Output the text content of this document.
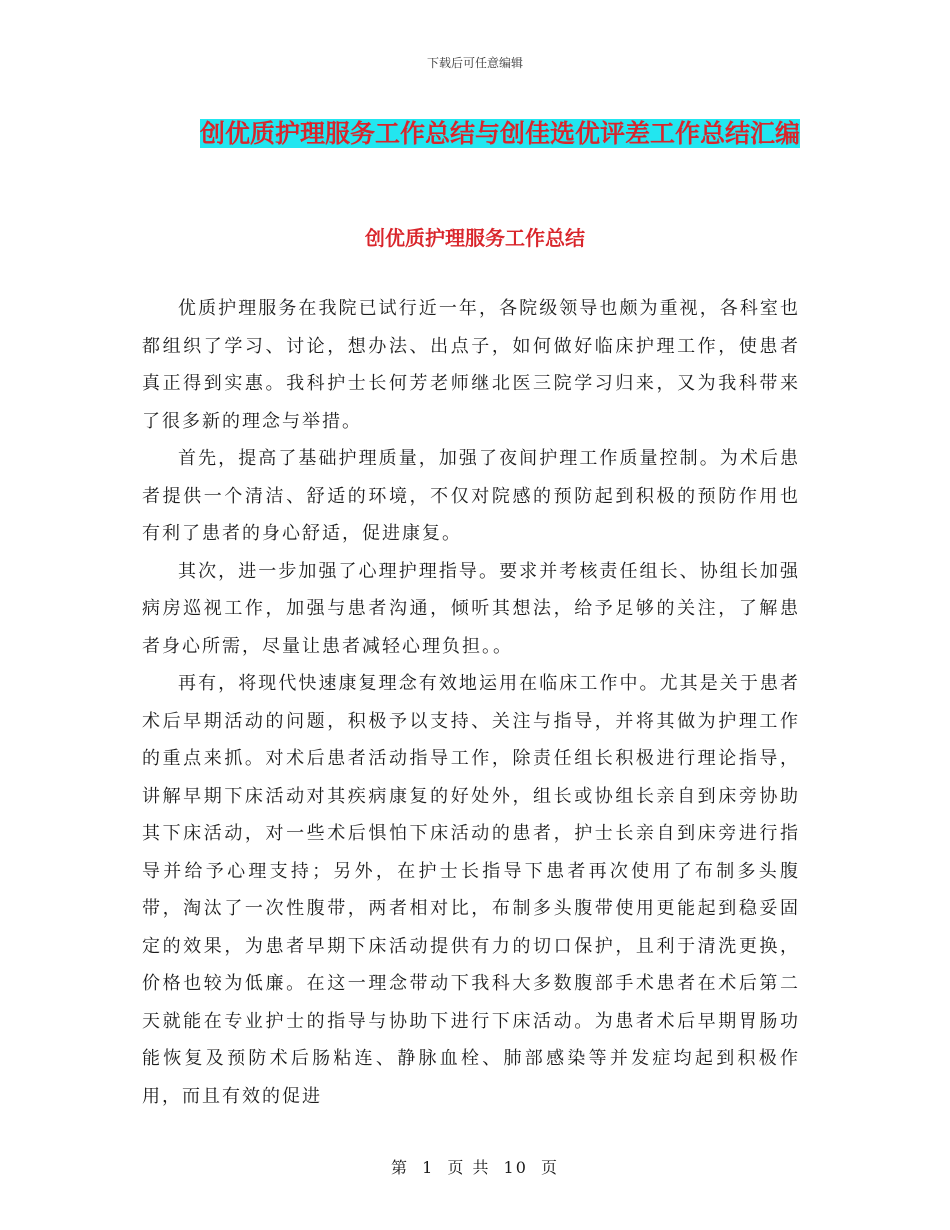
下载后可任意编辑
创优质护理服务工作总结与创佳选优评差工作总结汇编
创优质护理服务工作总结

优质护理服务在我院已试行近一年，各院级领导也颇为重视，各科室也都组织了学习、讨论，想办法、出点子，如何做好临床护理工作，使患者真正得到实惠。我科护士长何芳老师继北医三院学习归来，又为我科带来了很多新的理念与举措。

首先，提高了基础护理质量，加强了夜间护理工作质量控制。为术后患者提供一个清洁、舒适的环境，不仅对院感的预防起到积极的预防作用也有利了患者的身心舒适，促进康复。

其次，进一步加强了心理护理指导。要求并考核责任组长、协组长加强病房巡视工作，加强与患者沟通，倾听其想法，给予足够的关注，了解患者身心所需，尽量让患者减轻心理负担。。

再有，将现代快速康复理念有效地运用在临床工作中。尤其是关于患者术后早期活动的问题，积极予以支持、关注与指导，并将其做为护理工作的重点来抓。对术后患者活动指导工作，除责任组长积极进行理论指导，讲解早期下床活动对其疾病康复的好处外，组长或协组长亲自到床旁协助其下床活动，对一些术后惧怕下床活动的患者，护士长亲自到床旁进行指导并给予心理支持；另外，在护士长指导下患者再次使用了布制多头腹带，淘汰了一次性腹带，两者相对比，布制多头腹带使用更能起到稳妥固定的效果，为患者早期下床活动提供有力的切口保护，且利于清洗更换，价格也较为低廉。在这一理念带动下我科大多数腹部手术患者在术后第二天就能在专业护士的指导与协助下进行下床活动。为患者术后早期胃肠功能恢复及预防术后肠粘连、静脉血栓、肺部感染等并发症均起到积极作用，而且有效的促进

第 1 页 共 10 页
